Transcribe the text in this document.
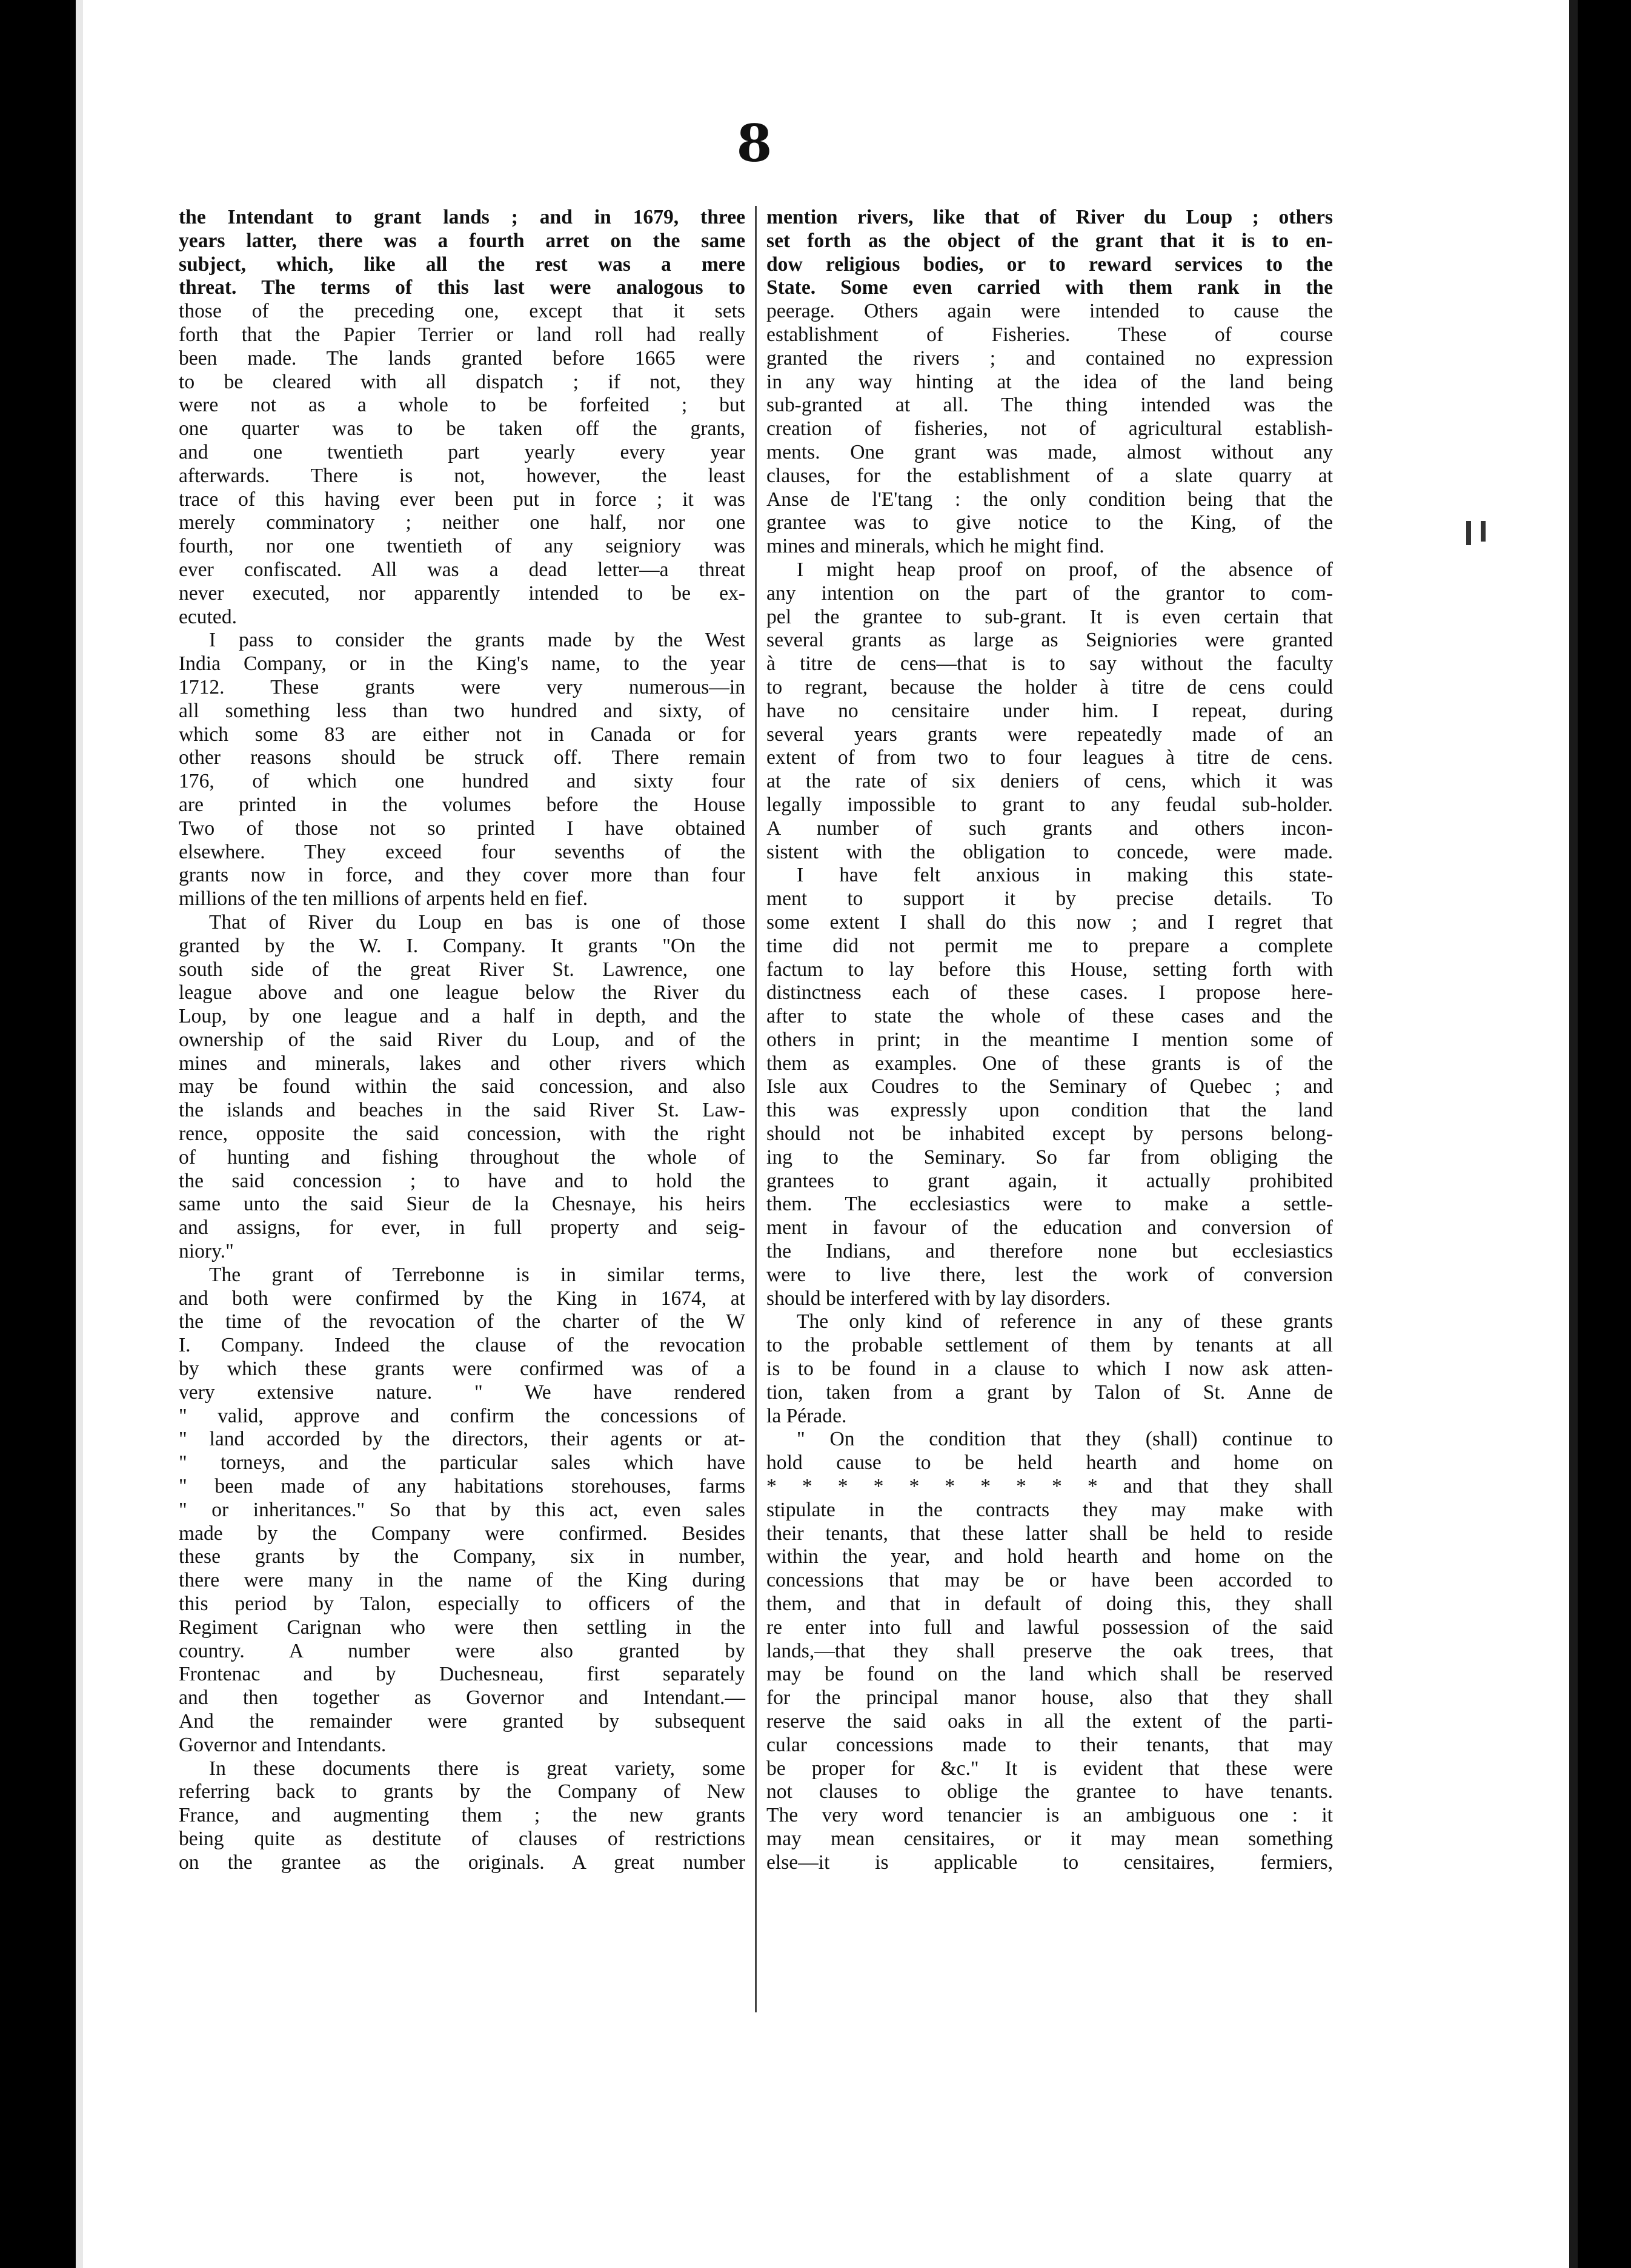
8

the Intendant to grant lands ; and in 1679, three

years latter, there was a fourth arret on the same

subject, which, like all the rest was a mere

threat. The terms of this last were analogous to

those of the preceding one, except that it sets

forth that the Papier Terrier or land roll had really

been made. The lands granted before 1665 were

to be cleared with all dispatch ; if not, they

were not as a whole to be forfeited ; but

one quarter was to be taken off the grants,

and one twentieth part yearly every year

afterwards. There is not, however, the least

trace of this having ever been put in force ; it was

merely comminatory ; neither one half, nor one

fourth, nor one twentieth of any seigniory was

ever confiscated. All was a dead letter—a threat

never executed, nor apparently intended to be ex-

ecuted.

I pass to consider the grants made by the West

India Company, or in the King's name, to the year

1712. These grants were very numerous—in

all something less than two hundred and sixty, of

which some 83 are either not in Canada or for

other reasons should be struck off. There remain

176, of which one hundred and sixty four

are printed in the volumes before the House

Two of those not so printed I have obtained

elsewhere. They exceed four sevenths of the

grants now in force, and they cover more than four

millions of the ten millions of arpents held en fief.

That of River du Loup en bas is one of those

granted by the W. I. Company. It grants "On the

south side of the great River St. Lawrence, one

league above and one league below the River du

Loup, by one league and a half in depth, and the

ownership of the said River du Loup, and of the

mines and minerals, lakes and other rivers which

may be found within the said concession, and also

the islands and beaches in the said River St. Law-

rence, opposite the said concession, with the right

of hunting and fishing throughout the whole of

the said concession ; to have and to hold the

same unto the said Sieur de la Chesnaye, his heirs

and assigns, for ever, in full property and seig-

niory."

The grant of Terrebonne is in similar terms,

and both were confirmed by the King in 1674, at

the time of the revocation of the charter of the W

I. Company. Indeed the clause of the revocation

by which these grants were confirmed was of a

very extensive nature. " We have rendered

" valid, approve and confirm the concessions of

" land accorded by the directors, their agents or at-

" torneys, and the particular sales which have

" been made of any habitations storehouses, farms

" or inheritances." So that by this act, even sales

made by the Company were confirmed. Besides

these grants by the Company, six in number,

there were many in the name of the King during

this period by Talon, especially to officers of the

Regiment Carignan who were then settling in the

country. A number were also granted by

Frontenac and by Duchesneau, first separately

and then together as Governor and Intendant.—

And the remainder were granted by subsequent

Governor and Intendants.

In these documents there is great variety, some

referring back to grants by the Company of New

France, and augmenting them ; the new grants

being quite as destitute of clauses of restrictions

on the grantee as the originals. A great number

mention rivers, like that of River du Loup ; others

set forth as the object of the grant that it is to en-

dow religious bodies, or to reward services to the

State. Some even carried with them rank in the

peerage. Others again were intended to cause the

establishment of Fisheries. These of course

granted the rivers ; and contained no expression

in any way hinting at the idea of the land being

sub-granted at all. The thing intended was the

creation of fisheries, not of agricultural establish-

ments. One grant was made, almost without any

clauses, for the establishment of a slate quarry at

Anse de l'E'tang : the only condition being that the

grantee was to give notice to the King, of the

mines and minerals, which he might find.

I might heap proof on proof, of the absence of

any intention on the part of the grantor to com-

pel the grantee to sub-grant. It is even certain that

several grants as large as Seigniories were granted

à titre de cens—that is to say without the faculty

to regrant, because the holder à titre de cens could

have no censitaire under him. I repeat, during

several years grants were repeatedly made of an

extent of from two to four leagues à titre de cens.

at the rate of six deniers of cens, which it was

legally impossible to grant to any feudal sub-holder.

A number of such grants and others incon-

sistent with the obligation to concede, were made.

I have felt anxious in making this state-

ment to support it by precise details. To

some extent I shall do this now ; and I regret that

time did not permit me to prepare a complete

factum to lay before this House, setting forth with

distinctness each of these cases. I propose here-

after to state the whole of these cases and the

others in print; in the meantime I mention some of

them as examples. One of these grants is of the

Isle aux Coudres to the Seminary of Quebec ; and

this was expressly upon condition that the land

should not be inhabited except by persons belong-

ing to the Seminary. So far from obliging the

grantees to grant again, it actually prohibited

them. The ecclesiastics were to make a settle-

ment in favour of the education and conversion of

the Indians, and therefore none but ecclesiastics

were to live there, lest the work of conversion

should be interfered with by lay disorders.

The only kind of reference in any of these grants

to the probable settlement of them by tenants at all

is to be found in a clause to which I now ask atten-

tion, taken from a grant by Talon of St. Anne de

la Pérade.

" On the condition that they (shall) continue to

hold cause to be held hearth and home on

* * * * * * * * * * and that they shall

stipulate in the contracts they may make with

their tenants, that these latter shall be held to reside

within the year, and hold hearth and home on the

concessions that may be or have been accorded to

them, and that in default of doing this, they shall

re enter into full and lawful possession of the said

lands,—that they shall preserve the oak trees, that

may be found on the land which shall be reserved

for the principal manor house, also that they shall

reserve the said oaks in all the extent of the parti-

cular concessions made to their tenants, that may

be proper for &c." It is evident that these were

not clauses to oblige the grantee to have tenants.

The very word tenancier is an ambiguous one : it

may mean censitaires, or it may mean something

else—it is applicable to censitaires, fermiers,
